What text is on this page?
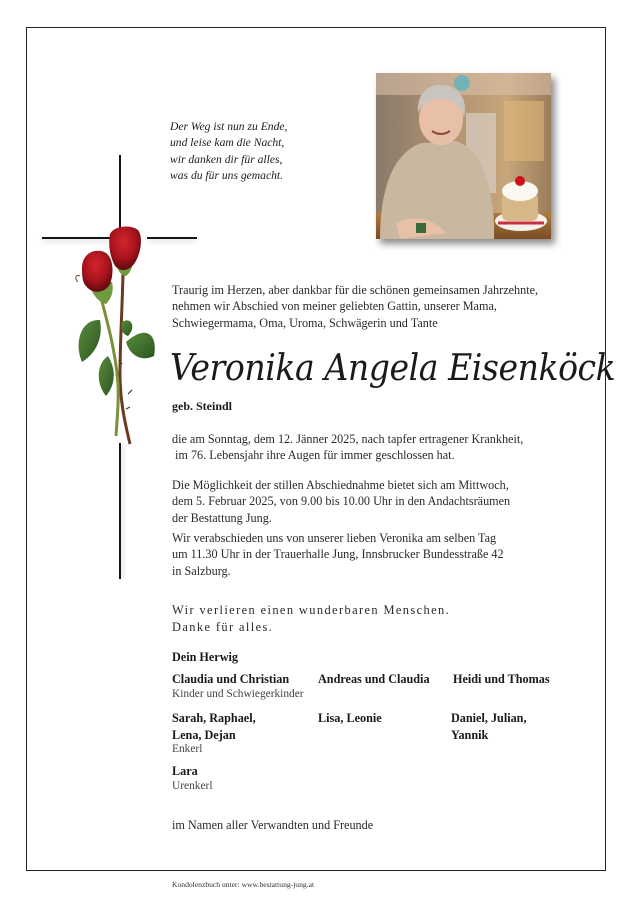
Der Weg ist nun zu Ende,
und leise kam die Nacht,
wir danken dir für alles,
was du für uns gemacht.
Traurig im Herzen, aber dankbar für die schönen gemeinsamen Jahrzehnte,
nehmen wir Abschied von meiner geliebten Gattin, unserer Mama,
Schwiegermama, Oma, Uroma, Schwägerin und Tante
Veronika Angela Eisenköck
geb. Steindl
die am Sonntag, dem 12. Jänner 2025, nach tapfer ertragener Krankheit,
im 76. Lebensjahr ihre Augen für immer geschlossen hat.
Die Möglichkeit der stillen Abschiednahme bietet sich am Mittwoch,
dem 5. Februar 2025, von 9.00 bis 10.00 Uhr in den Andachtsräumen
der Bestattung Jung.
Wir verabschieden uns von unserer lieben Veronika am selben Tag
um 11.30 Uhr in der Trauerhalle Jung, Innsbrucker Bundesstraße 42
in Salzburg.
Wir verlieren einen wunderbaren Menschen.
Danke für alles.
Dein Herwig
Claudia und Christian Andreas und Claudia Heidi und Thomas
Kinder und Schwiegerkinder
Sarah, Raphael,
Lena, Dejan
Lisa, Leonie	Daniel, Julian,
Yannik
Enkerl
Lara
Urenkerl
im Namen aller Verwandten und Freunde
Kondolenzbuch unter: www.bestattung-jung.at
